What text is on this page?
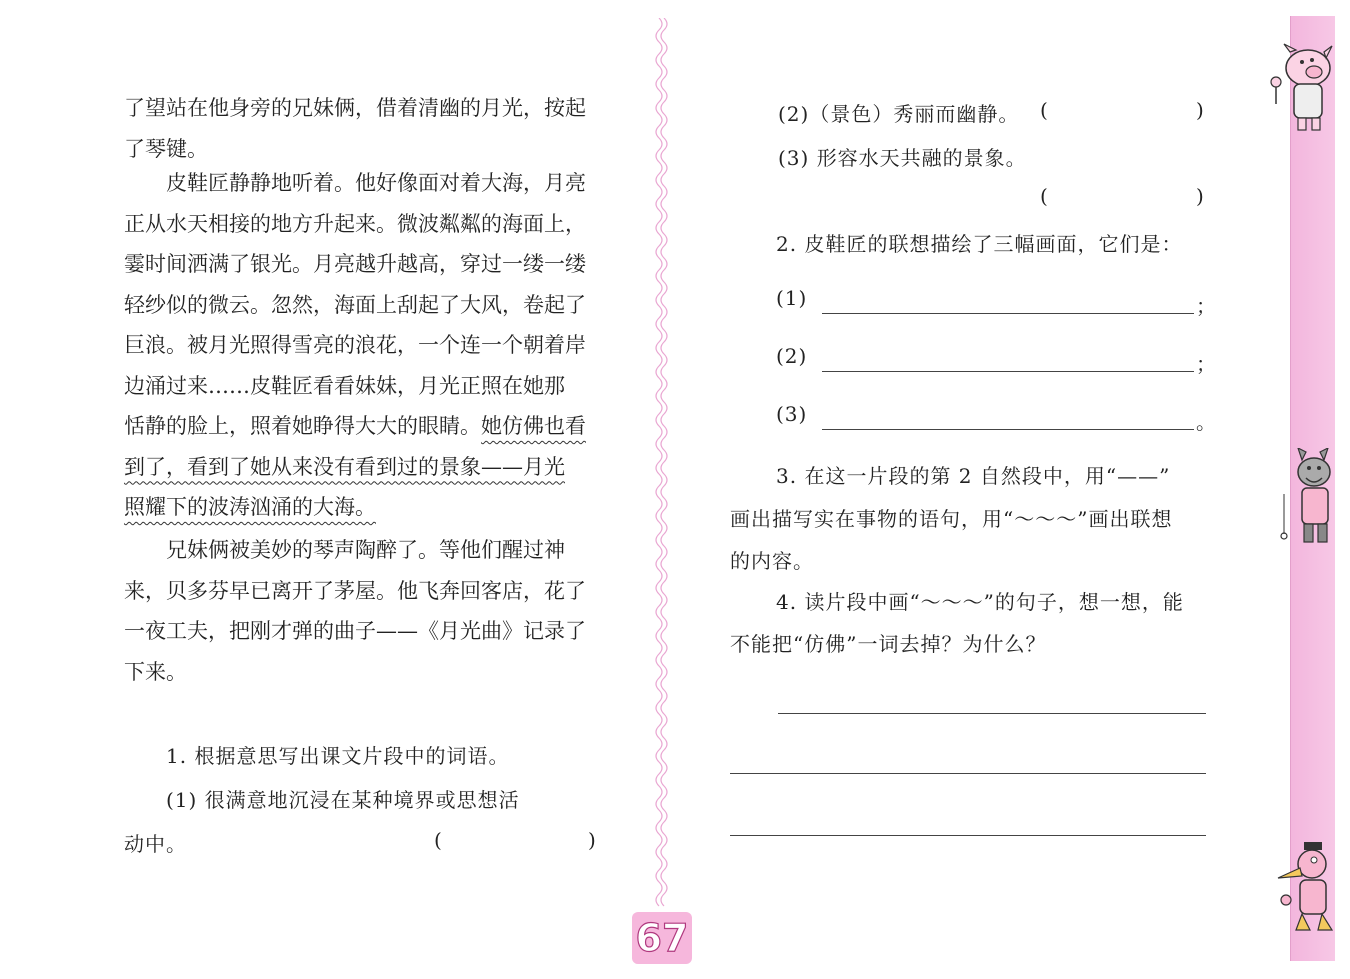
了望站在他身旁的兄妹俩，借着清幽的月光，按起
了琴键。
皮鞋匠静静地听着。他好像面对着大海，月亮
正从水天相接的地方升起来。微波粼粼的海面上，
霎时间洒满了银光。月亮越升越高，穿过一缕一缕
轻纱似的微云。忽然，海面上刮起了大风，卷起了
巨浪。被月光照得雪亮的浪花，一个连一个朝着岸
边涌过来……皮鞋匠看看妹妹，月光正照在她那
恬静的脸上，照着她睁得大大的眼睛。她仿佛也看
到了，看到了她从来没有看到过的景象——月光
照耀下的波涛汹涌的大海。
兄妹俩被美妙的琴声陶醉了。等他们醒过神
来，贝多芬早已离开了茅屋。他飞奔回客店，花了
一夜工夫，把刚才弹的曲子——《月光曲》记录了
下来。
1. 根据意思写出课文片段中的词语。
(1) 很满意地沉浸在某种境界或思想活
动中。	(	)
(2)（景色）秀丽而幽静。 (	)
(3) 形容水天共融的景象。
(	)
2. 皮鞋匠的联想描绘了三幅画面，它们是：
(1)	；
(2)	；
(3)	。
3. 在这一片段的第 2 自然段中，用“——”
画出描写实在事物的语句，用“～～～”画出联想
的内容。
4. 读片段中画“～～～”的句子，想一想，能
不能把“仿佛”一词去掉？为什么？
67
